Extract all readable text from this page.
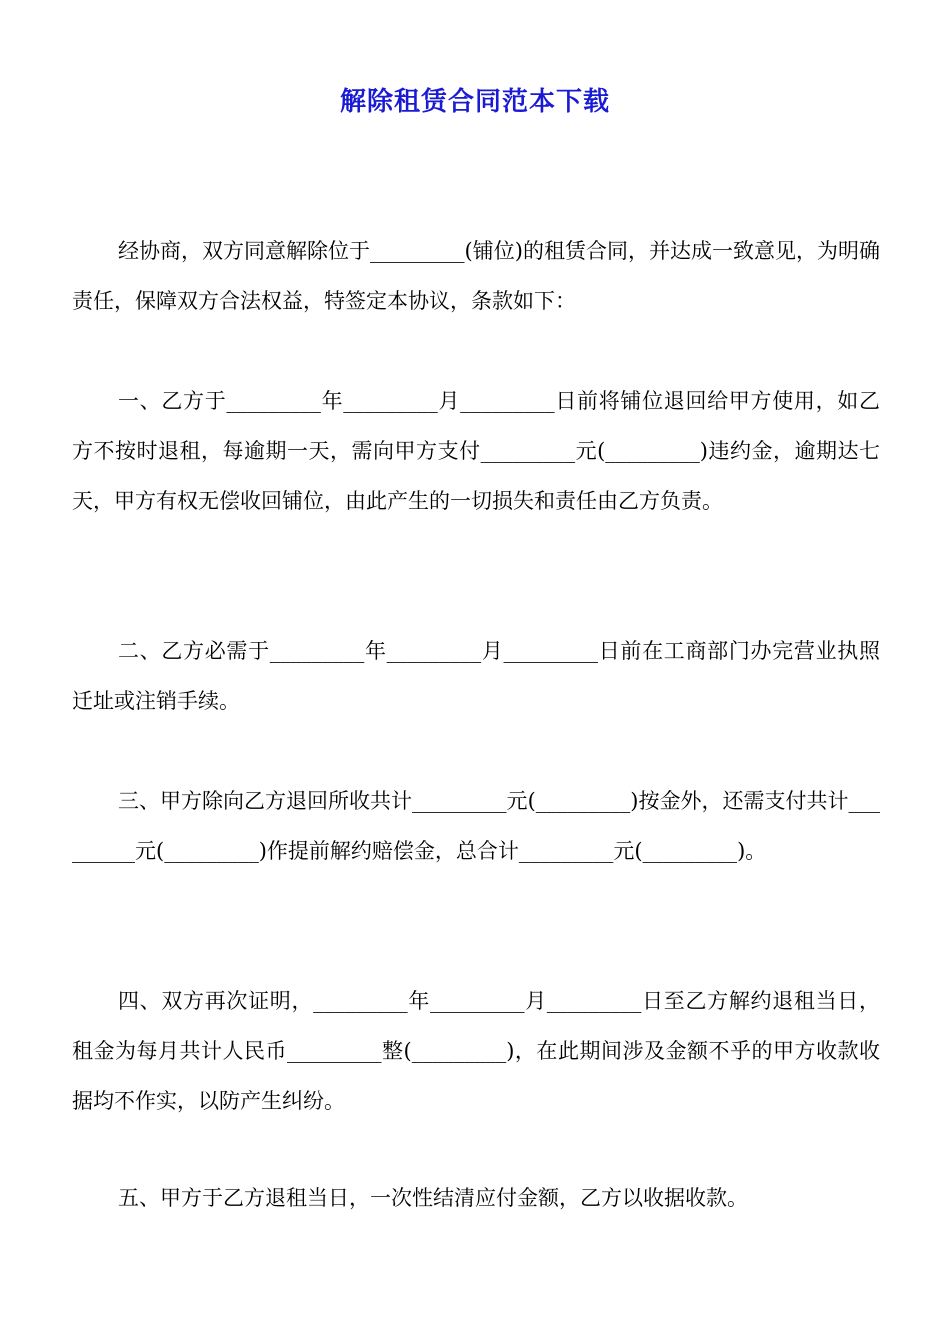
解除租赁合同范本下载

经协商，双方同意解除位于_________(铺位)的租赁合同，并达成一致意见，为明确责任，保障双方合法权益，特签定本协议，条款如下：

一、乙方于_________年_________月_________日前将铺位退回给甲方使用，如乙方不按时退租，每逾期一天，需向甲方支付_________元(_________)违约金，逾期达七天，甲方有权无偿收回铺位，由此产生的一切损失和责任由乙方负责。

二、乙方必需于_________年_________月_________日前在工商部门办完营业执照迁址或注销手续。

三、甲方除向乙方退回所收共计_________元(_________)按金外，还需支付共计_________元(_________)作提前解约赔偿金，总合计_________元(_________)。

四、双方再次证明，_________年_________月_________日至乙方解约退租当日，租金为每月共计人民币_________整(_________)，在此期间涉及金额不乎的甲方收款收据均不作实，以防产生纠纷。

五、甲方于乙方退租当日，一次性结清应付金额，乙方以收据收款。
